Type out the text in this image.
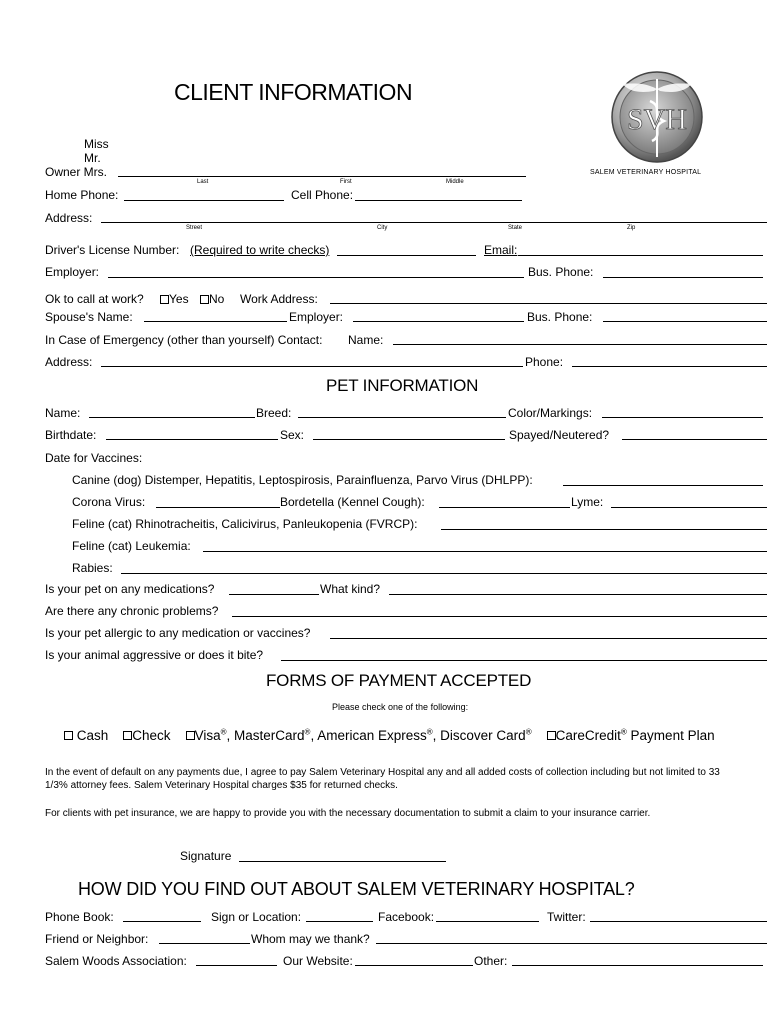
CLIENT INFORMATION
SVH
SALEM VETERINARY HOSPITAL
Miss
Mr.
Owner Mrs.
Last	First	Middle
Home Phone:	Cell Phone:
Address:
Street	City	State	Zip
Driver's License Number: (Required to write checks)	Email:
Employer:	Bus. Phone:
Ok to call at work?	Yes	No Work Address:
Spouse's Name:	Employer:	Bus. Phone:
In Case of Emergency (other than yourself) Contact: Name:
Address:	Phone:
PET INFORMATION
Name:	Breed:	Color/Markings:
Birthdate:	Sex:	Spayed/Neutered?
Date for Vaccines:
Canine (dog) Distemper, Hepatitis, Leptospirosis, Parainfluenza, Parvo Virus (DHLPP):
Corona Virus:	Bordetella (Kennel Cough):	Lyme:
Feline (cat) Rhinotracheitis, Calicivirus, Panleukopenia (FVRCP):
Feline (cat) Leukemia:
Rabies:
Is your pet on any medications?	What kind?
Are there any chronic problems?
Is your pet allergic to any medication or vaccines?
Is your animal aggressive or does it bite?
FORMS OF PAYMENT ACCEPTED
Please check one of the following:
Cash Check Visa®, MasterCard®, American Express®, Discover Card® CareCredit® Payment Plan
In the event of default on any payments due, I agree to pay Salem Veterinary Hospital any and all added costs of collection including but not limited to 33 1/3% attorney fees. Salem Veterinary Hospital charges $35 for returned checks.
For clients with pet insurance, we are happy to provide you with the necessary documentation to submit a claim to your insurance carrier.
Signature
HOW DID YOU FIND OUT ABOUT SALEM VETERINARY HOSPITAL?
Phone Book:	Sign or Location:	Facebook:	Twitter:
Friend or Neighbor:	Whom may we thank?
Salem Woods Association:	Our Website:	Other:
